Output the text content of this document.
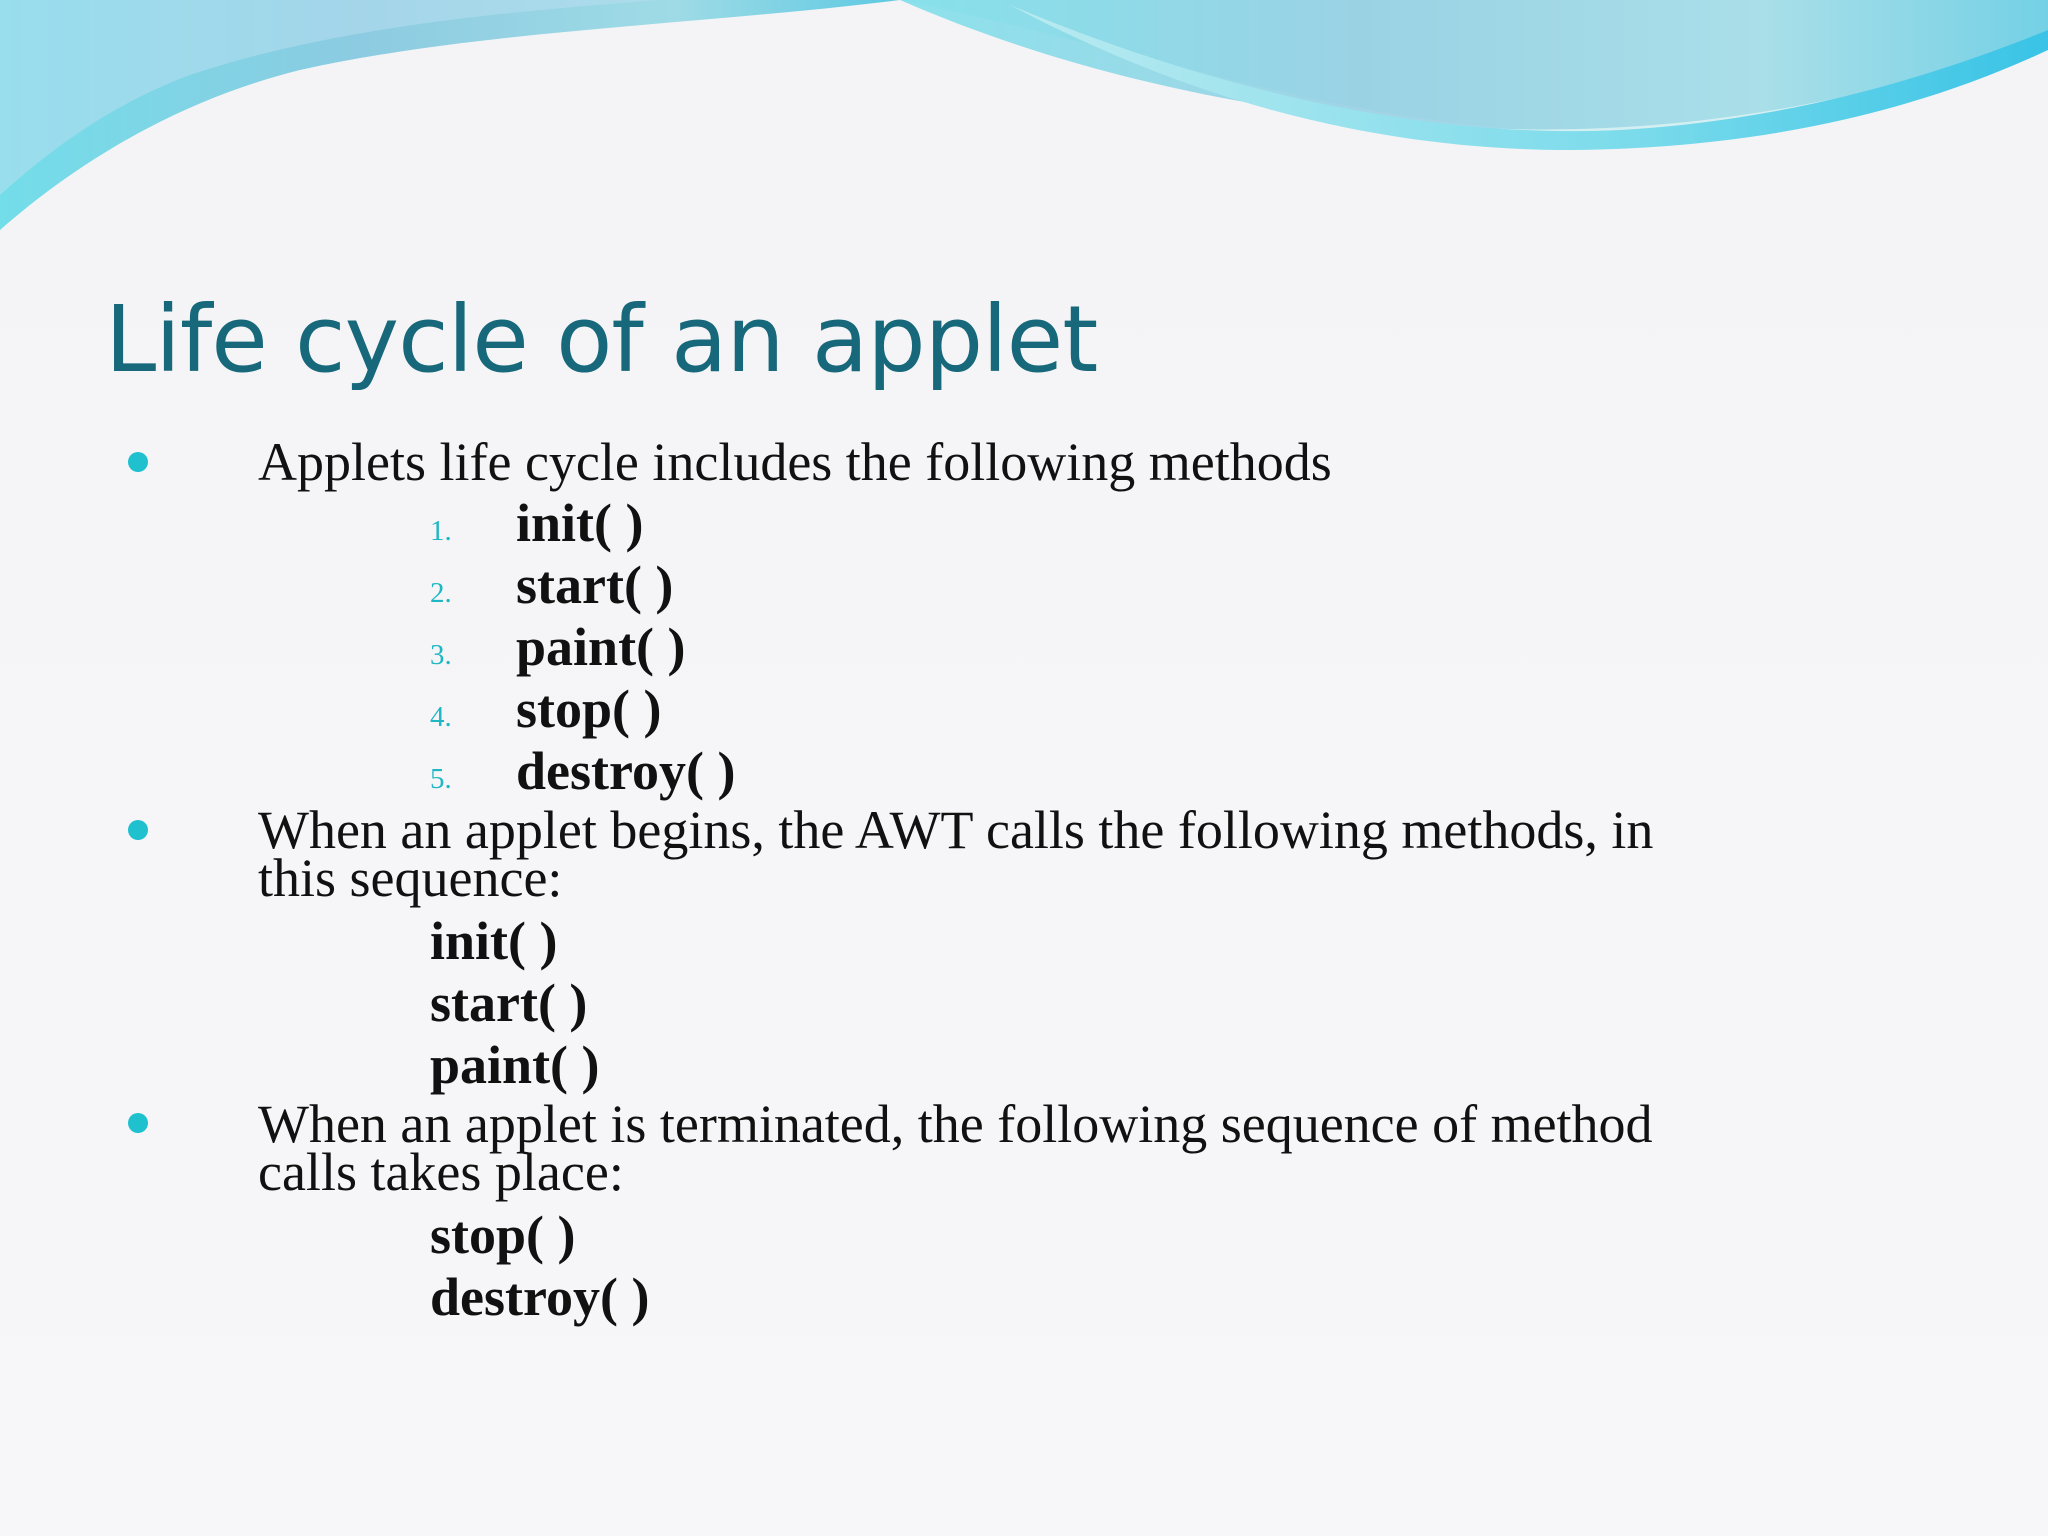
Life cycle of an applet
Applets life cycle includes the following methods
1. init( )
2. start( )
3. paint( )
4. stop( )
5. destroy( )
When an applet begins, the AWT calls the following methods, in
this sequence:
init( )
start( )
paint( )
When an applet is terminated, the following sequence of method
calls takes place:
stop( )
destroy( )
